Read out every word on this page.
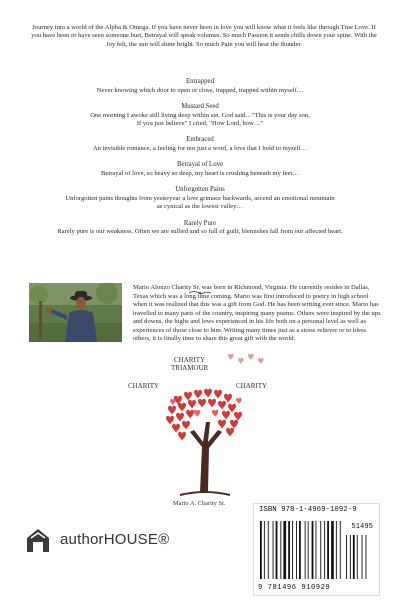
Journey into a world of the Alpha & Omega. If you have never been in love you will know what it feels like through True Love. If you have been or have seen someone hurt, Betrayal will speak volumes. So much Passion it sends chills down your spine. With the Joy felt, the sun will shine bright. So much Pain you will hear the thunder.
Entrapped
Never knowing which door to open or close, trapped, trapped within myself…
Mustard Seed
One morning I awoke still living deep within sin. God said…"This is your day son,
If you just believe" I cried, "How Lord, how…"
Embraced
An invisible romance, a feeling for not just a word, a love that I hold to myself…
Betrayal of Love
Betrayal of love, so heavy so deep, my heart is crushing beneath my feet…
Unforgotten Pains
Unforgotten pains thoughts from yesteryear a love grimace backwards, ascend an emotional mountain
as cynical as the lowest valley…
Rarely Pure
Rarely pure is our weakness. Often we are sullied and so full of guilt, blemishes fall from our affected heart.
Mario Alonzo Charity Sr. was born in Richmond, Virginia. He currently resides in Dallas, Texas which was a long time coming. Mario was first introduced to poetry in high school when it was realized that this was a gift from God. He has been writing ever since. Mario has travelled to many parts of the country, inspiring many poems. Others were inspired by the ups and downs, the highs and lows experienced in his life both on a personal level as well as experiences of those close to him. Writing many times just as a stress reliever or to bless others, it is finally time to share this great gift with the world.
CHARITY
TRIAMOUR
CHARITY	CHARITY
Mario A. Charity Sr.
authorHOUSE®
ISBN 978-1-4969-1092-9
51495
9 781496 910929
